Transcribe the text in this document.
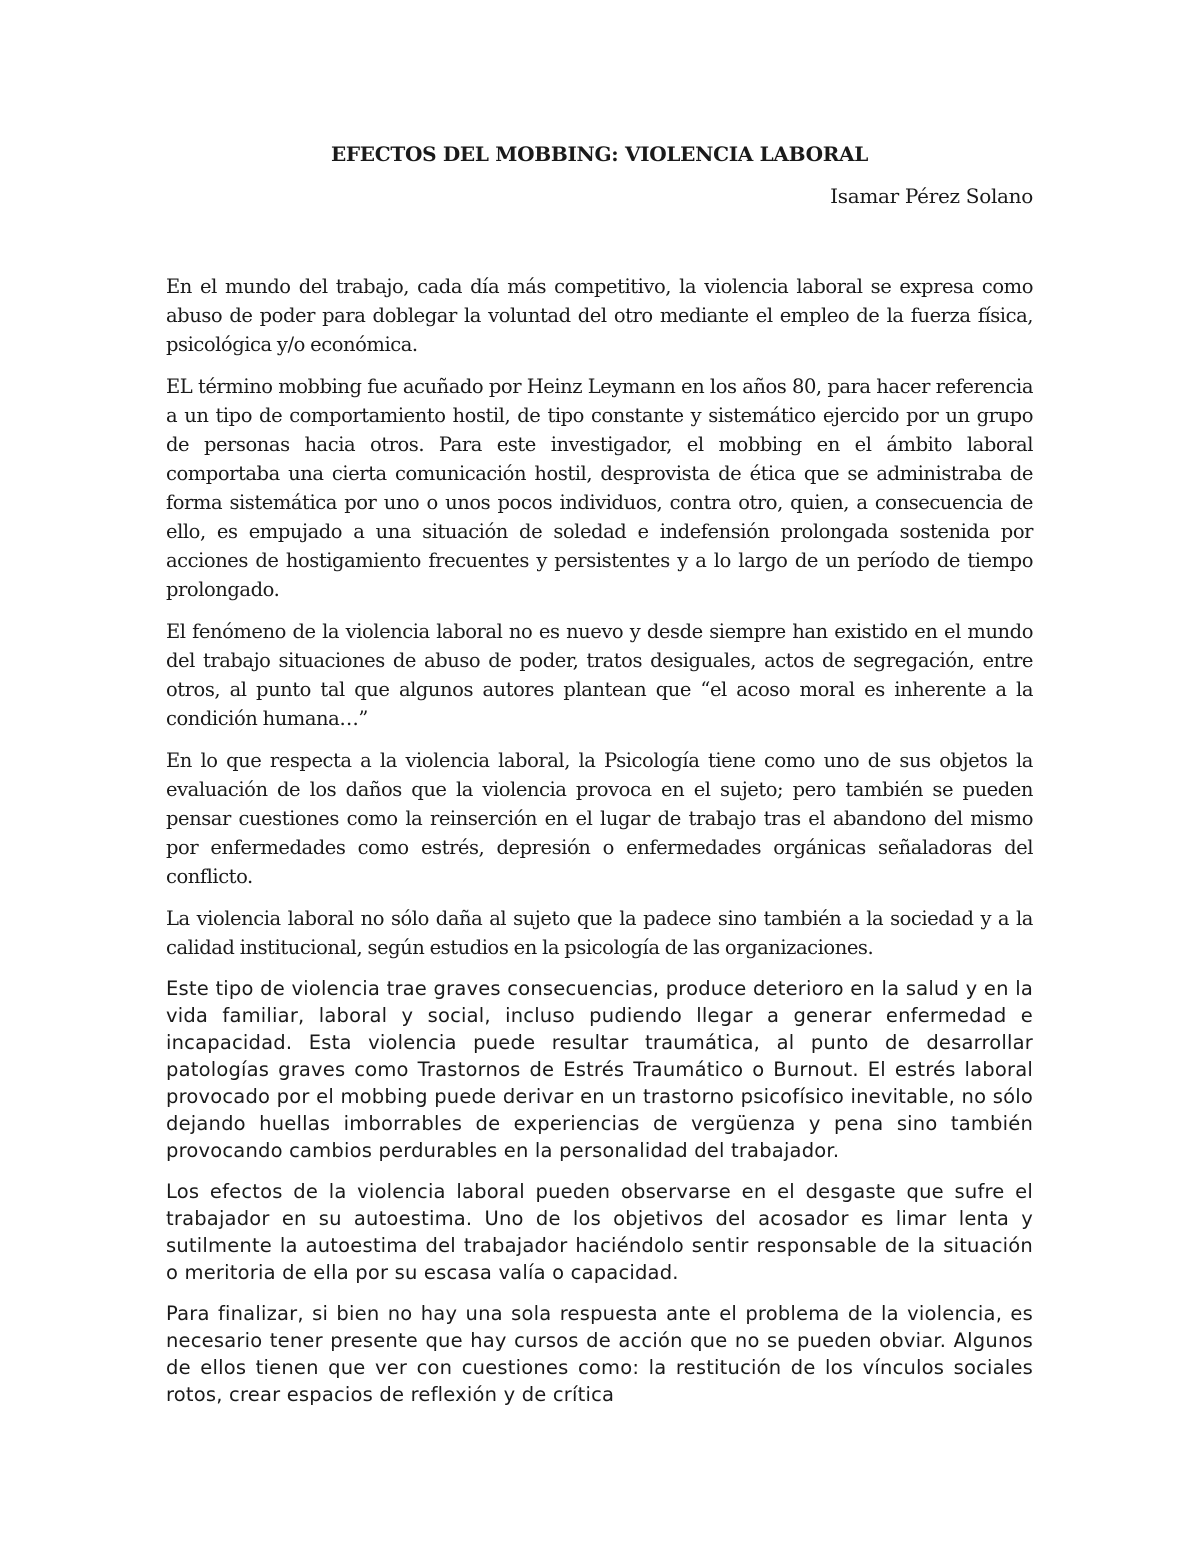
EFECTOS DEL MOBBING: VIOLENCIA LABORAL

Isamar Pérez Solano

En el mundo del trabajo, cada día más competitivo, la violencia laboral se expresa como abuso de poder para doblegar la voluntad del otro mediante el empleo de la fuerza física, psicológica y/o económica.

EL término mobbing fue acuñado por Heinz Leymann en los años 80, para hacer referencia a un tipo de comportamiento hostil, de tipo constante y sistemático ejercido por un grupo de personas hacia otros. Para este investigador, el mobbing en el ámbito laboral comportaba una cierta comunicación hostil, desprovista de ética que se administraba de forma sistemática por uno o unos pocos individuos, contra otro, quien, a consecuencia de ello, es empujado a una situación de soledad e indefensión prolongada sostenida por acciones de hostigamiento frecuentes y persistentes y a lo largo de un período de tiempo prolongado.

El fenómeno de la violencia laboral no es nuevo y desde siempre han existido en el mundo del trabajo situaciones de abuso de poder, tratos desiguales, actos de segregación, entre otros, al punto tal que algunos autores plantean que “el acoso moral es inherente a la condición humana…”

En lo que respecta a la violencia laboral, la Psicología tiene como uno de sus objetos la evaluación de los daños que la violencia provoca en el sujeto; pero también se pueden pensar cuestiones como la reinserción en el lugar de trabajo tras el abandono del mismo por enfermedades como estrés, depresión o enfermedades orgánicas señaladoras del conflicto.

La violencia laboral no sólo daña al sujeto que la padece sino también a la sociedad y a la calidad institucional, según estudios en la psicología de las organizaciones.

Este tipo de violencia trae graves consecuencias, produce deterioro en la salud y en la vida familiar, laboral y social, incluso pudiendo llegar a generar enfermedad e incapacidad. Esta violencia puede resultar traumática, al punto de desarrollar patologías graves como Trastornos de Estrés Traumático o Burnout. El estrés laboral provocado por el mobbing puede derivar en un trastorno psicofísico inevitable, no sólo dejando huellas imborrables de experiencias de vergüenza y pena sino también provocando cambios perdurables en la personalidad del trabajador.

Los efectos de la violencia laboral pueden observarse en el desgaste que sufre el trabajador en su autoestima. Uno de los objetivos del acosador es limar lenta y sutilmente la autoestima del trabajador haciéndolo sentir responsable de la situación o meritoria de ella por su escasa valía o capacidad.

Para finalizar, si bien no hay una sola respuesta ante el problema de la violencia, es necesario tener presente que hay cursos de acción que no se pueden obviar. Algunos de ellos tienen que ver con cuestiones como: la restitución de los vínculos sociales rotos, crear espacios de reflexión y de crítica
